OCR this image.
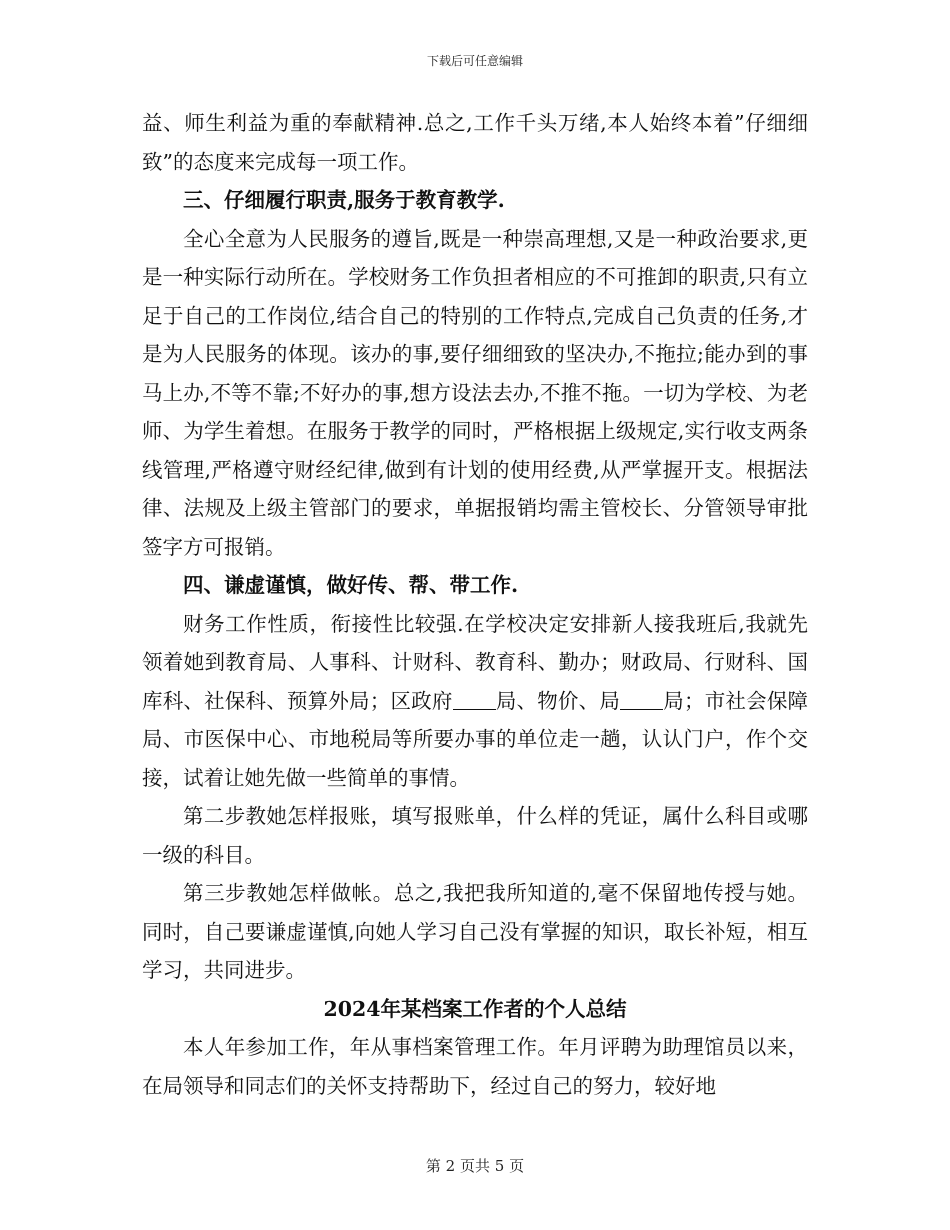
下载后可任意编辑

益、师生利益为重的奉献精神.总之,工作千头万绪,本人始终本着”仔细细致”的态度来完成每一项工作。

三、仔细履行职责,服务于教育教学.

全心全意为人民服务的遵旨,既是一种崇高理想,又是一种政治要求,更是一种实际行动所在。学校财务工作负担者相应的不可推卸的职责,只有立足于自己的工作岗位,结合自己的特别的工作特点,完成自己负责的任务,才是为人民服务的体现。该办的事,要仔细细致的坚决办,不拖拉;能办到的事马上办,不等不靠;不好办的事,想方设法去办,不推不拖。一切为学校、为老师、为学生着想。在服务于教学的同时，严格根据上级规定,实行收支两条线管理,严格遵守财经纪律,做到有计划的使用经费,从严掌握开支。根据法律、法规及上级主管部门的要求，单据报销均需主管校长、分管领导审批签字方可报销。

四、谦虚谨慎，做好传、帮、带工作.

财务工作性质，衔接性比较强.在学校决定安排新人接我班后,我就先领着她到教育局、人事科、计财科、教育科、勤办；财政局、行财科、国库科、社保科、预算外局；区政府 局、物价、局 局；市社会保障局、市医保中心、市地税局等所要办事的单位走一趟，认认门户，作个交接，试着让她先做一些简单的事情。

第二步教她怎样报账，填写报账单，什么样的凭证，属什么科目或哪一级的科目。

第三步教她怎样做帐。总之,我把我所知道的,毫不保留地传授与她。同时，自己要谦虚谨慎,向她人学习自己没有掌握的知识，取长补短，相互学习，共同进步。

2024年某档案工作者的个人总结

本人年参加工作，年从事档案管理工作。年月评聘为助理馆员以来，在局领导和同志们的关怀支持帮助下，经过自己的努力，较好地

第 2 页共 5 页
